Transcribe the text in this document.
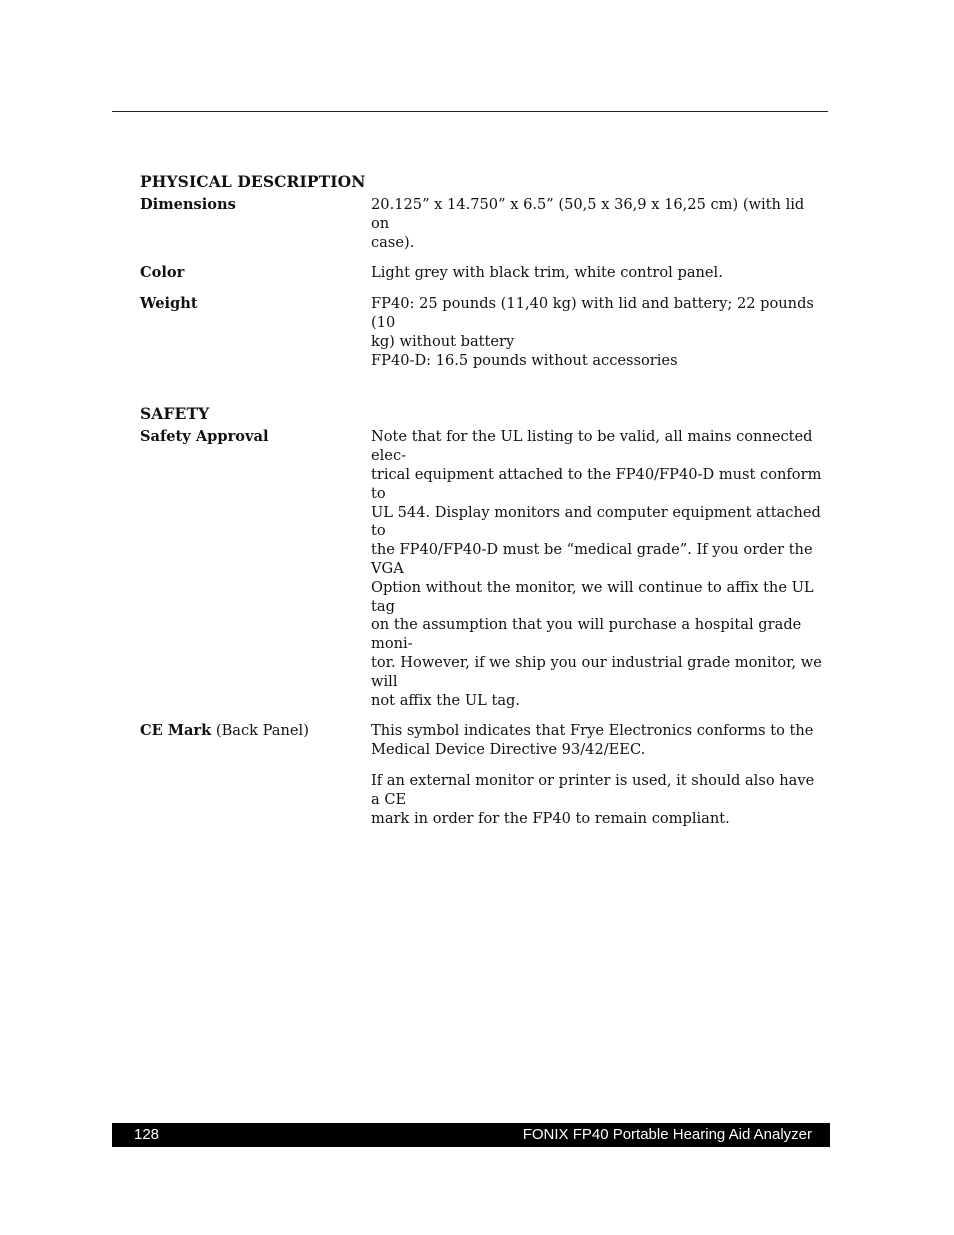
PHYSICAL DESCRIPTION
Dimensions	20.125” x 14.750” x 6.5” (50,5 x 36,9 x 16,25 cm) (with lid on
case).

Color	Light grey with black trim, white control panel.

Weight	FP40: 25 pounds (11,40 kg) with lid and battery; 22 pounds (10
kg) without battery
FP40-D: 16.5 pounds without accessories

SAFETY
Safety Approval	Note that for the UL listing to be valid, all mains connected elec-
trical equipment attached to the FP40/FP40-D must conform to
UL 544. Display monitors and computer equipment attached to
the FP40/FP40-D must be “medical grade”. If you order the VGA
Option without the monitor, we will continue to affix the UL tag
on the assumption that you will purchase a hospital grade moni-
tor. However, if we ship you our industrial grade monitor, we will
not affix the UL tag.

CE Mark (Back Panel)	This symbol indicates that Frye Electronics conforms to the
Medical Device Directive 93/42/EEC.

If an external monitor or printer is used, it should also have a CE
mark in order for the FP40 to remain compliant.

128	FONIX FP40 Portable Hearing Aid Analyzer
